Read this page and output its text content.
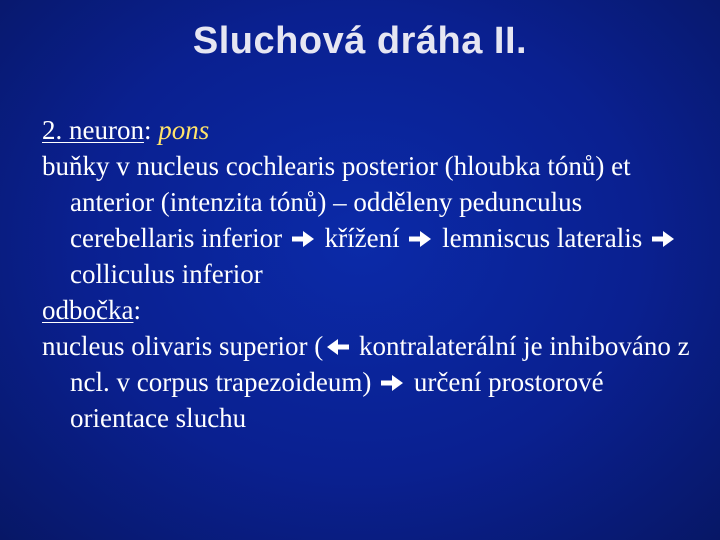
Sluchová dráha II.

2. neuron: pons

buňky v nucleus cochlearis posterior (hloubka tónů) et anterior (intenzita tónů) – odděleny pedunculus cerebellaris inferior
křížení
lemniscus lateralis
colliculus inferior

odbočka:

nucleus olivaris superior (
kontralaterální je inhibováno z ncl. v corpus trapezoideum)
určení prostorové orientace sluchu
